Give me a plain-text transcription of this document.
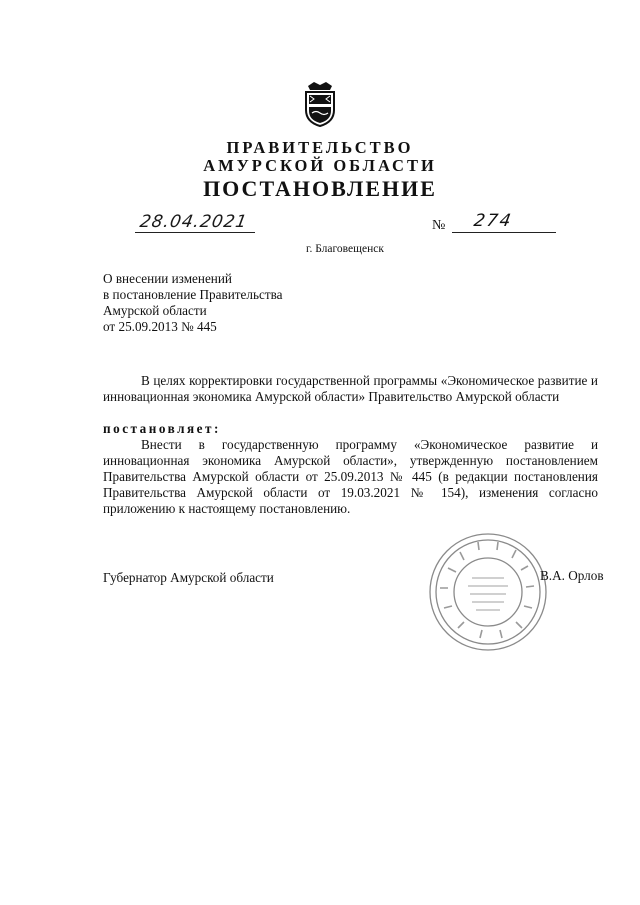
ПРАВИТЕЛЬСТВО
АМУРСКОЙ ОБЛАСТИ
ПОСТАНОВЛЕНИЕ
28.04.2021	№ 274
г. Благовещенск
О внесении изменений
в постановление Правительства
Амурской области
от 25.09.2013 № 445
В целях корректировки государственной программы «Экономическое развитие и инновационная экономика Амурской области» Правительство Амурской области
постановляет:
Внести в государственную программу «Экономическое развитие и инновационная экономика Амурской области», утвержденную постановлением Правительства Амурской области от 25.09.2013 № 445 (в редакции постановления Правительства Амурской области от 19.03.2021 № 154), изменения согласно приложению к настоящему постановлению.
Губернатор Амурской области	В.А. Орлов
